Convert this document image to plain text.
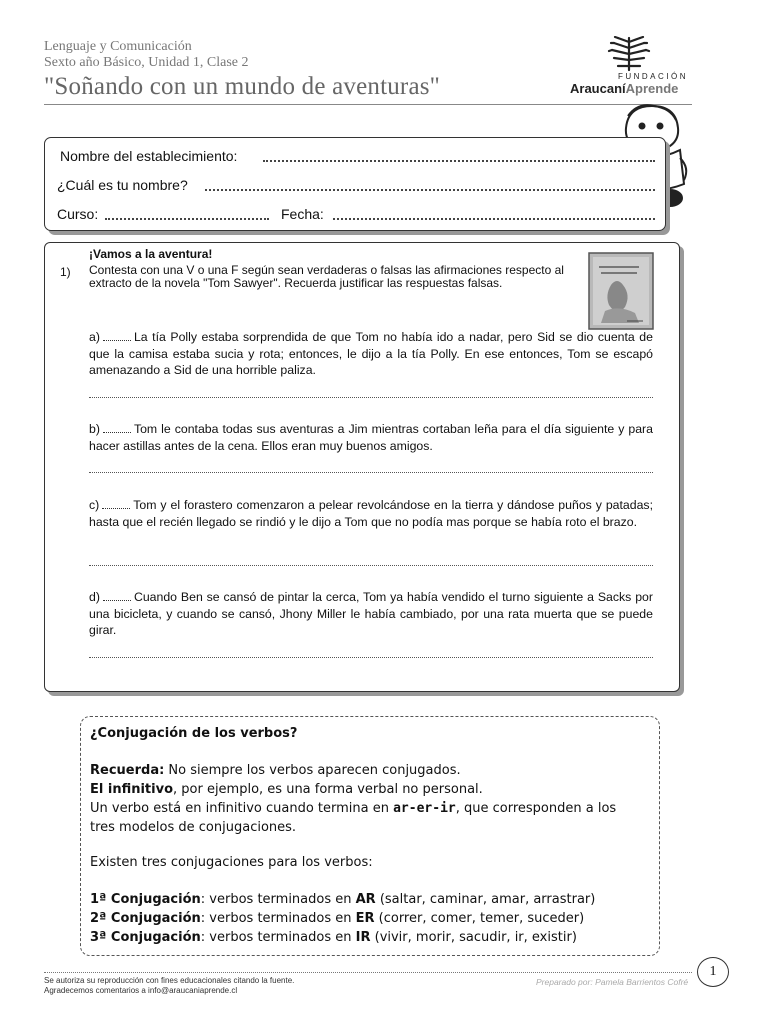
Lenguaje y Comunicación
Sexto año Básico, Unidad 1, Clase 2
"Soñando con un mundo de aventuras"	FUNDACIÓN
AraucaníAprende
Nombre del establecimiento:
¿Cuál es tu nombre?
Curso:	Fecha:
¡Vamos a la aventura!
1) Contesta con una V o una F según sean verdaderas o falsas las afirmaciones respecto al extracto de la novela "Tom Sawyer". Recuerda justificar las respuestas falsas.
a)	La tía Polly estaba sorprendida de que Tom no había ido a nadar, pero Sid se dio cuenta de que la camisa estaba sucia y rota; entonces, le dijo a la tía Polly. En ese entonces, Tom se escapó amenazando a Sid de una horrible paliza.
b)	Tom le contaba todas sus aventuras a Jim mientras cortaban leña para el día siguiente y para hacer astillas antes de la cena. Ellos eran muy buenos amigos.
c)	Tom y el forastero comenzaron a pelear revolcándose en la tierra y dándose puños y patadas; hasta que el recién llegado se rindió y le dijo a Tom que no podía mas porque se había roto el brazo.
d)	Cuando Ben se cansó de pintar la cerca, Tom ya había vendido el turno siguiente a Sacks por una bicicleta, y cuando se cansó, Jhony Miller le había cambiado, por una rata muerta que se puede girar.
¿Conjugación de los verbos?
Recuerda: No siempre los verbos aparecen conjugados.
El infinitivo, por ejemplo, es una forma verbal no personal.
Un verbo está en infinitivo cuando termina en ar-er-ir, que corresponden a los
tres modelos de conjugaciones.
Existen tres conjugaciones para los verbos:
1ª Conjugación: verbos terminados en AR (saltar, caminar, amar, arrastrar)
2ª Conjugación: verbos terminados en ER (correr, comer, temer, suceder)
3ª Conjugación: verbos terminados en IR (vivir, morir, sacudir, ir, existir)
Se autoriza su reproducción con fines educacionales citando la fuente.
Agradecemos comentarios a info@araucaniaprende.cl
Preparado por: Pamela Barrientos Cofré
1
